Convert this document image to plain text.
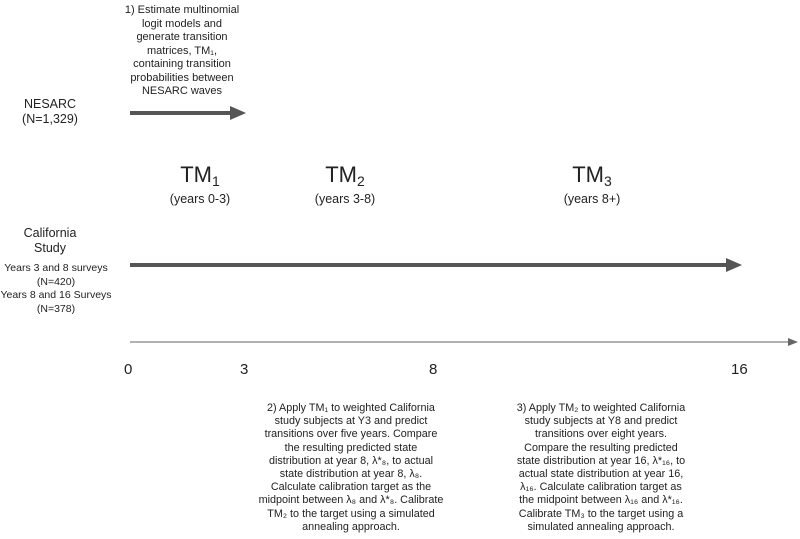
1) Estimate multinomial
logit models and
generate transition
matrices, TM₁,
containing transition
probabilities between
NESARC waves
NESARC
(N=1,329)
$TM_1$
(years 0-3)
$TM_2$
(years 3-8)
$TM_3$
(years 8+)
California
Study
Years 3 and 8 surveys
(N=420)
Years 8 and 16 Surveys
(N=378)
0	3	8	16

2) Apply TM₁ to weighted California

study subjects at Y3 and predict

transitions over five years. Compare

the resulting predicted state

distribution at year 8, λ*₈, to actual

state distribution at year 8, λ₈.

Calculate calibration target as the

midpoint between λ₈ and λ*₈. Calibrate

TM₂ to the target using a simulated

annealing approach.

3) Apply TM₂ to weighted California

study subjects at Y8 and predict

transitions over eight years.

Compare the resulting predicted

state distribution at year 16, λ*₁₆, to

actual state distribution at year 16,

λ₁₆. Calculate calibration target as

the midpoint between λ₁₆ and λ*₁₆.

Calibrate TM₃ to the target using a

simulated annealing approach.
